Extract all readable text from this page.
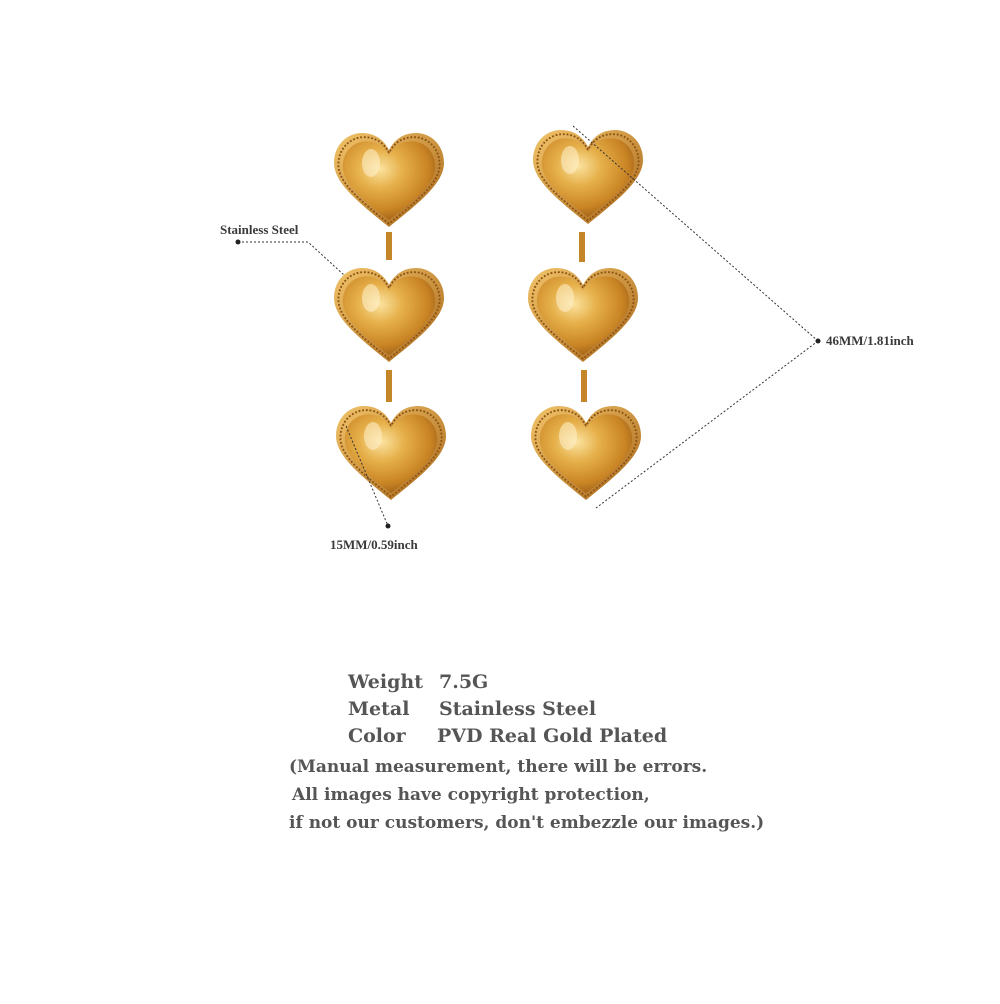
Stainless Steel
46MM/1.81inch
15MM/0.59inch
Weight 7.5G
Metal Stainless Steel
Color PVD Real Gold Plated
(Manual measurement, there will be errors.
All images have copyright protection,
if not our customers, don't embezzle our images.)
